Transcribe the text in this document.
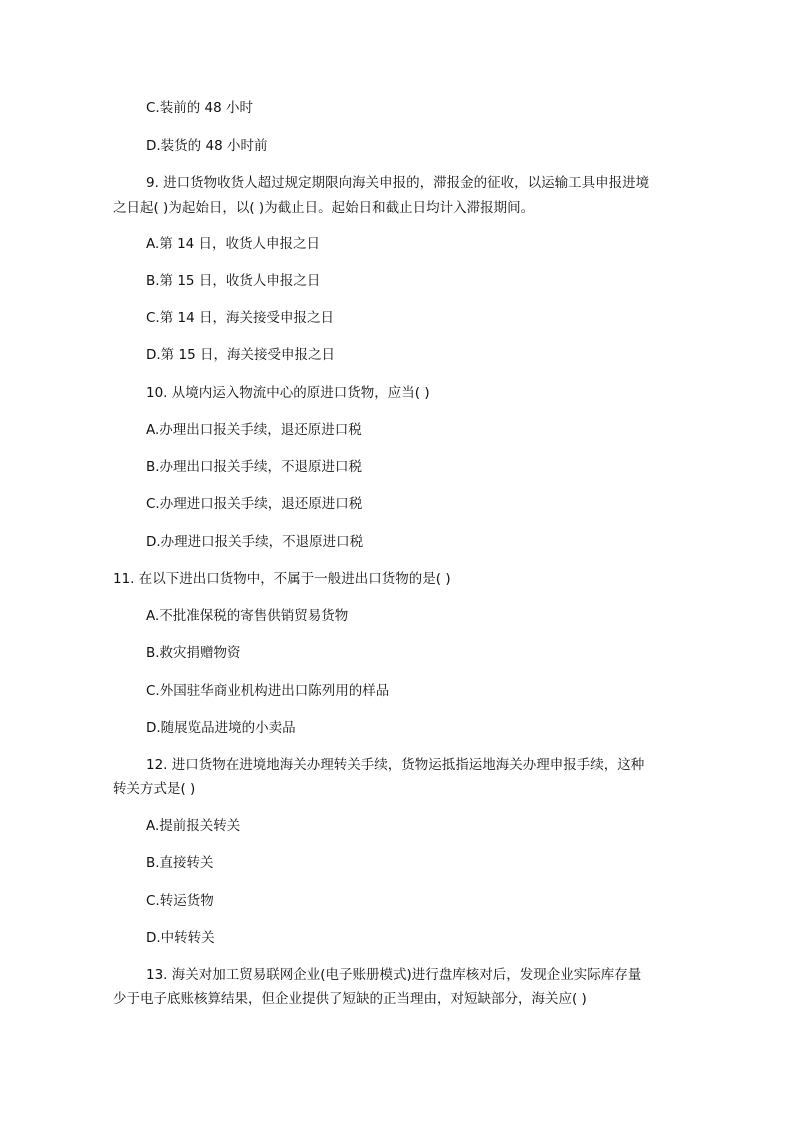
C.装前的 48 小时
D.装货的 48 小时前
9. 进口货物收货人超过规定期限向海关申报的，滞报金的征收，以运输工具申报进境
之日起( )为起始日，以( )为截止日。起始日和截止日均计入滞报期间。
A.第 14 日，收货人申报之日
B.第 15 日，收货人申报之日
C.第 14 日，海关接受申报之日
D.第 15 日，海关接受申报之日
10. 从境内运入物流中心的原进口货物，应当( )
A.办理出口报关手续，退还原进口税
B.办理出口报关手续，不退原进口税
C.办理进口报关手续，退还原进口税
D.办理进口报关手续，不退原进口税
11. 在以下进出口货物中，不属于一般进出口货物的是( )
A.不批准保税的寄售供销贸易货物
B.救灾捐赠物资
C.外国驻华商业机构进出口陈列用的样品
D.随展览品进境的小卖品
12. 进口货物在进境地海关办理转关手续，货物运抵指运地海关办理申报手续，这种
转关方式是( )
A.提前报关转关
B.直接转关
C.转运货物
D.中转转关
13. 海关对加工贸易联网企业(电子账册模式)进行盘库核对后，发现企业实际库存量
少于电子底账核算结果，但企业提供了短缺的正当理由，对短缺部分，海关应( )
